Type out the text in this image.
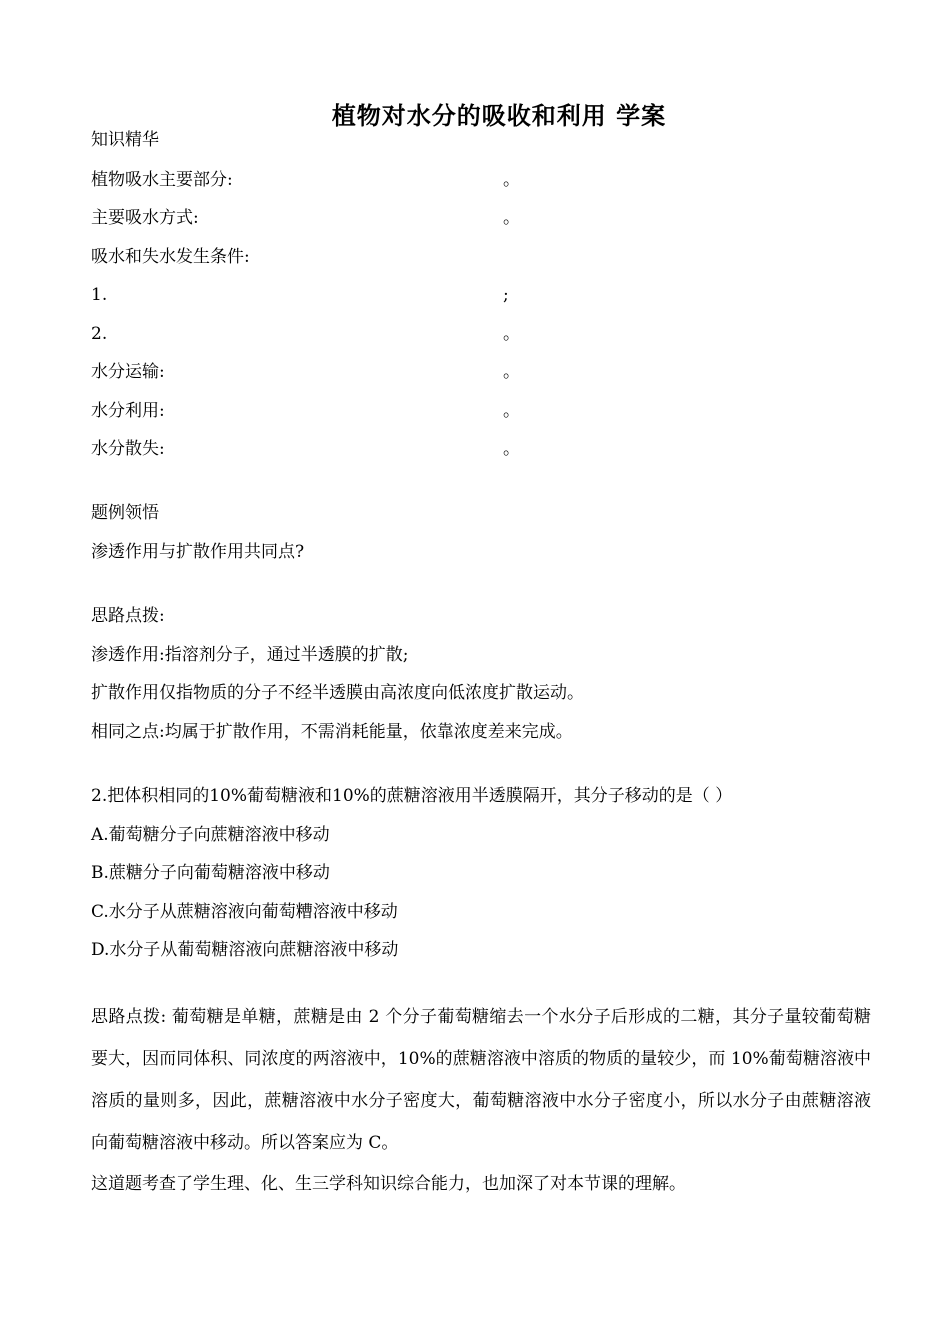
植物对水分的吸收和利用 学案
知识精华
植物吸水主要部分:	。
主要吸水方式:	。
吸水和失水发生条件:
1.	;
2.	。
水分运输:	。
水分利用:	。
水分散失:	。
题例领悟
渗透作用与扩散作用共同点?
思路点拨:
渗透作用:指溶剂分子，通过半透膜的扩散;
扩散作用仅指物质的分子不经半透膜由高浓度向低浓度扩散运动。
相同之点:均属于扩散作用，不需消耗能量，依靠浓度差来完成。
2.把体积相同的10%葡萄糖液和10%的蔗糖溶液用半透膜隔开，其分子移动的是（ ）
A.葡萄糖分子向蔗糖溶液中移动
B.蔗糖分子向葡萄糖溶液中移动
C.水分子从蔗糖溶液向葡萄糟溶液中移动
D.水分子从葡萄糖溶液向蔗糖溶液中移动
思路点拨: 葡萄糖是单糖，蔗糖是由 2 个分子葡萄糖缩去一个水分子后形成的二糖，其分子量较葡萄糖要大，因而同体积、同浓度的两溶液中，10%的蔗糖溶液中溶质的物质的量较少，而 10%葡萄糖溶液中溶质的量则多，因此，蔗糖溶液中水分子密度大，葡萄糖溶液中水分子密度小，所以水分子由蔗糖溶液向葡萄糖溶液中移动。所以答案应为 C。
这道题考查了学生理、化、生三学科知识综合能力，也加深了对本节课的理解。
